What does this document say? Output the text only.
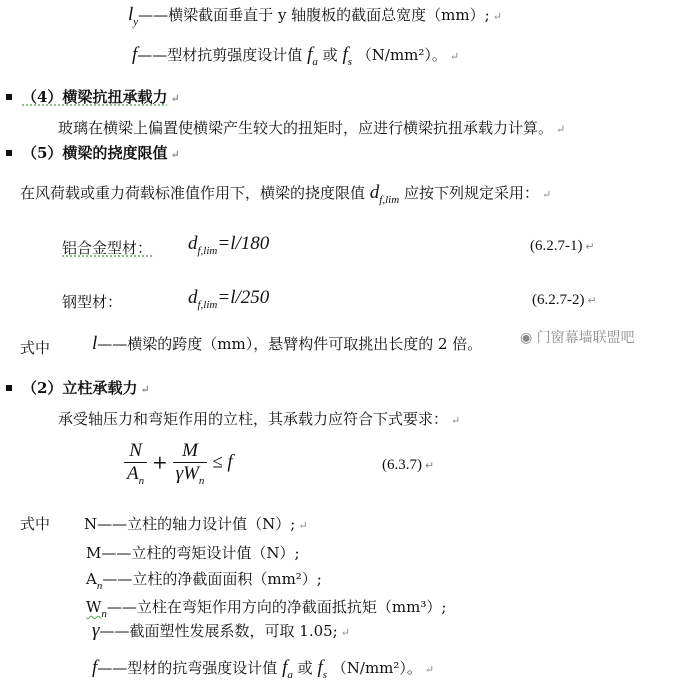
$l_y——$横梁截面垂直于 y 轴腹板的截面总宽度（mm）; ↵
f——型材抗剪强度设计值 $f_a$ 或 $f_s$ （N/mm²）。 ↵
（4）横梁抗扭承载力 ↵
玻璃在横梁上偏置使横梁产生较大的扭矩时，应进行横梁抗扭承载力计算。 ↵
（5）横梁的挠度限值 ↵
在风荷载或重力荷载标准值作用下，横梁的挠度限值 $d_{f,lim}$ 应按下列规定采用： ↵
铝合金型材： $d_{f,lim}=l/180$	(6.2.7-1) ↵
钢型材：	$d_{f,lim}=l/250$	(6.2.7-2) ↵
式中 l——横梁的跨度（mm），悬臂构件可取挑出长度的 2 倍。	◉ 门窗幕墙联盟吧
（2）立柱承载力 ↵
承受轴压力和弯矩作用的立柱，其承载力应符合下式要求： ↵
$\frac{N}{A_n} + \frac{M}{\gamma W_n} \le f$	(6.3.7) ↵
式中 N——立柱的轴力设计值（N）; ↵
M——立柱的弯矩设计值（N）;
$A_n——$立柱的净截面面积（mm²）;
$W_n——$立柱在弯矩作用方向的净截面抵抗矩（mm³）;
γ——截面塑性发展系数，可取 1.05; ↵
f——型材的抗弯强度设计值 $f_a$ 或 $f_s$ （N/mm²）。 ↵
